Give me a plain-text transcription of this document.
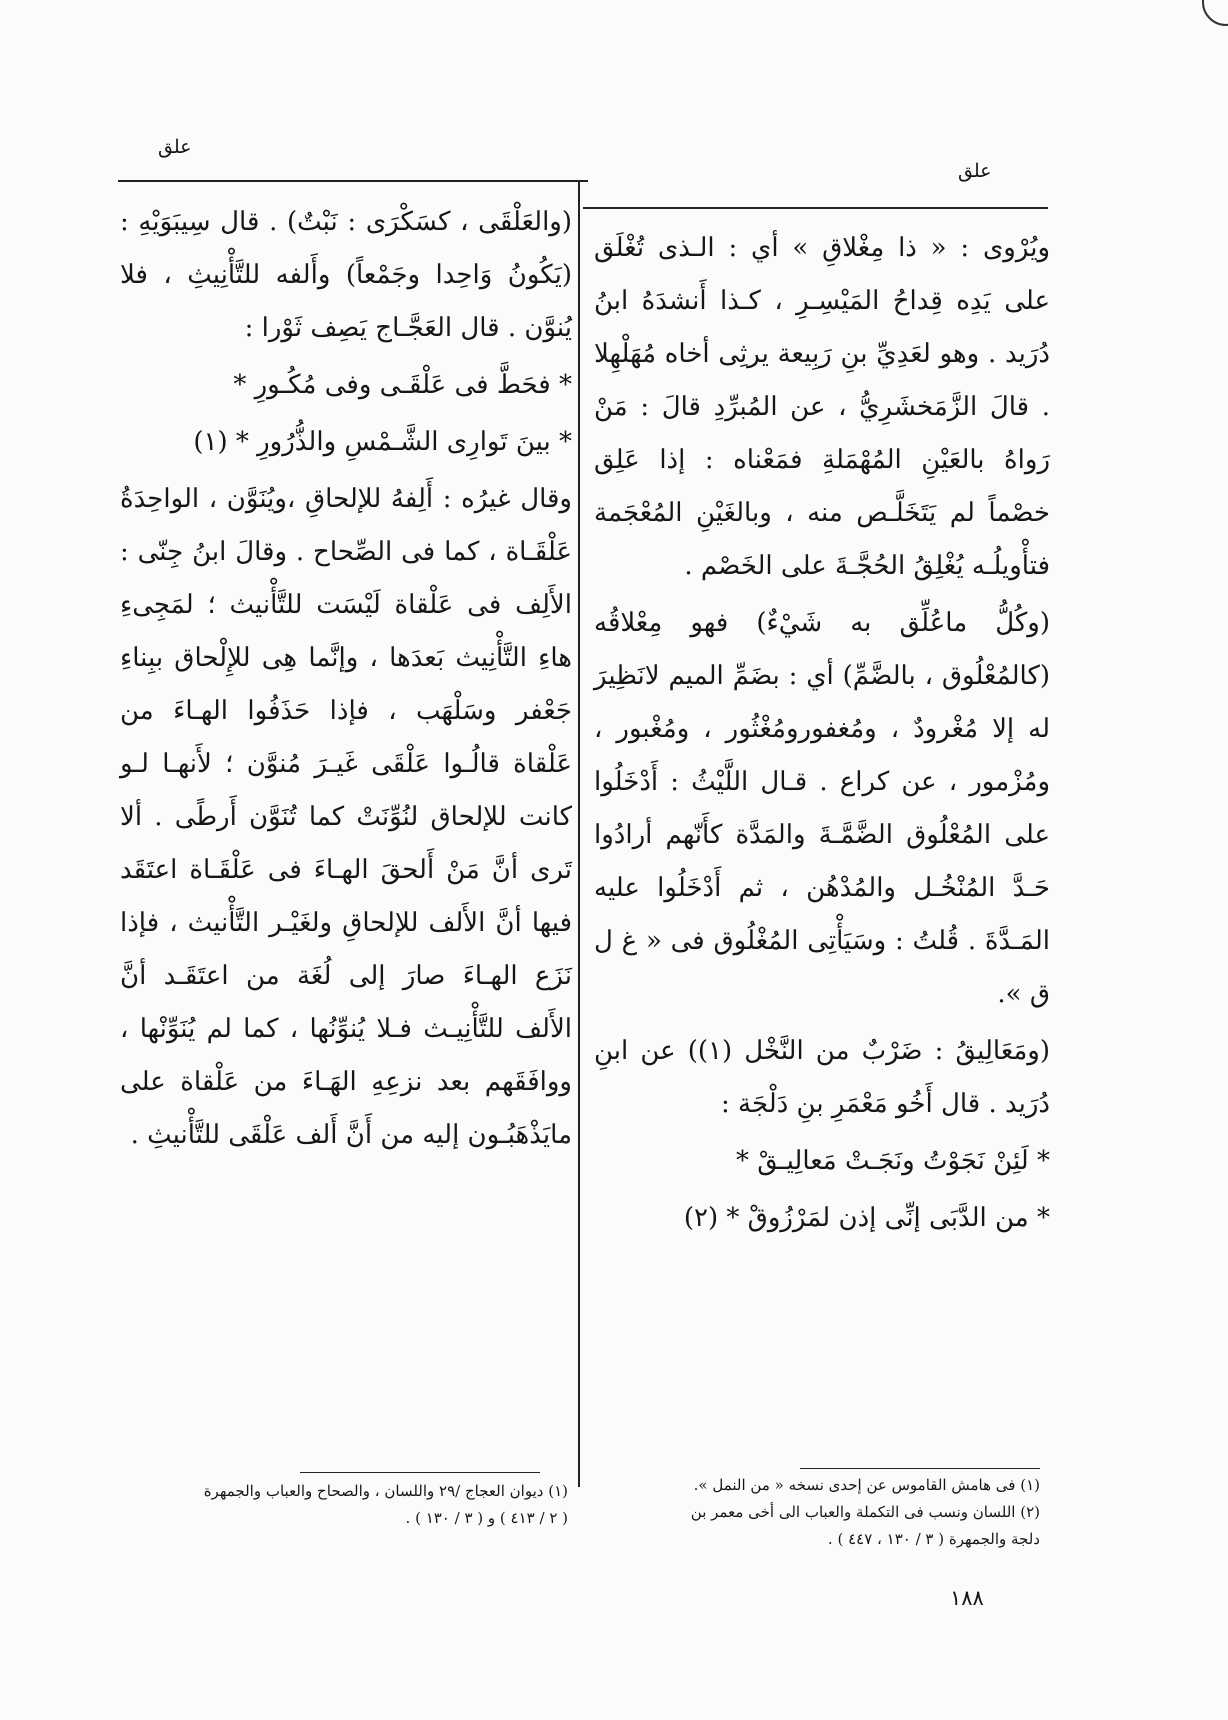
علق
علق

ويُرْوى : « ذا مِغْلاقِ » أي : الـذى تُغْلَق على يَدِه قِداحُ المَيْسِـرِ ، كـذا أَنشدَهُ ابنُ دُرَيد . وهو لعَدِيِّ بنِ رَبِيعة يرثِى أخاه مُهَلْهِلا . قالَ الزَّمَخشَرِيُّ ، عن المُبرِّدِ قالَ : مَنْ رَواهُ بالعَيْنِ المُهْمَلةِ فمَعْناه : إذا عَلِق خصْماً لم يَتَخَلَّـص منه ، وبالغَيْنِ المُعْجَمة فتأْويلُـه يُغْلِقُ الحُجَّـةَ على الخَصْم .

(وكُلُّ ماعُلِّق به شَيْءٌ) فهو مِعْلاقُه (كالمُعْلُوق ، بالضَّمِّ) أي : بضَمِّ الميم لانَظِيرَ له إلا مُغْرودٌ ، ومُغفورومُغْثُور ، ومُغْبور ، ومُزْمور ، عن كراع . قـال اللَّيْثُ : أَدْخَلُوا على المُعْلُوق الضَّمَّـةَ والمَدَّة كأَنّهم أرادُوا حَـدَّ المُنْخُـل والمُدْهُن ، ثم أَدْخَلُوا عليه المَـدَّةَ . قُلتُ : وسَيَأْتِى المُغْلُوق فى « غ ل ق ».

(ومَعَالِيقُ : ضَرْبٌ من النَّخْل (١)) عن ابنِ دُرَيد . قال أَخُو مَعْمَرِ بنِ دَلْجَة :

* لَئِنْ نَجَوْتُ ونَجَـتْ مَعالِيـقْ *

* من الدَّبَى إنِّى إذن لمَرْزُوقْ * (٢)

(والعَلْقَى ، كسَكْرَى : نَبْتٌ) . قال سِيبَوَيْهِ : (يَكُونُ وَاحِدا وجَمْعاً) وأَلفه للتَّأْنِيثِ ، فلا يُنوَّن . قال العَجَّـاج يَصِف ثَوْرا :

* فحَطَّ فى عَلْقَـى وفى مُكُـورِ *

* بينَ تَوارِى الشَّـمْسِ والذُّرُورِ * (١)

وقال غيرُه : أَلِفهُ للإلحاقِ ،ويُنَوَّن ، الواحِدَةُ عَلْقَـاة ، كما فى الصِّحاح . وقالَ ابنُ جِنّى : الأَلِف فى عَلْقاة لَيْسَت للتَّأْنيث ؛ لمَجِىءِ هاءِ التَّأْنِيث بَعدَها ، وإنَّما هِى للإِلْحاق ببِناءِ جَعْفر وسَلْهَب ، فإذا حَذَفُوا الهـاءَ من عَلْقاة قالُـوا عَلْقَى غَيـرَ مُنوَّن ؛ لأَنهـا لـو كانت للإلحاق لنُوِّنَتْ كما تُنَوَّن أَرطًى . ألا تَرى أنَّ مَنْ أَلحقَ الهـاءَ فى عَلْقَـاة اعتَقَد فيها أنَّ الأَلف للإلحاقِ ولغَيْـر التَّأْنيث ، فإذا نَزَع الهـاءَ صارَ إلى لُغَة من اعتَقَـد أنَّ الأَلف للتَّأْنِيـث فـلا يُنوِّنُها ، كما لم يُنَوِّنْها ، ووافَقَهم بعد نزعِهِ الهَـاءَ من عَلْقاة على مايَذْهَبُـون إليه من أَنَّ أَلف عَلْقَى للتَّأْنيثِ .

(١) فى هامش القاموس عن إحدى نسخه « من النمل ».
(٢) اللسان ونسب فى التكملة والعباب الى أخى معمر بن
دلجة والجمهرة ( ٣ / ١٣٠ ، ٤٤٧ ) .
(١) ديوان العجاج /٢٩ واللسان ، والصحاح والعباب والجمهرة
( ٢ / ٤١٣ ) و ( ٣ / ١٣٠ ) .
١٨٨
